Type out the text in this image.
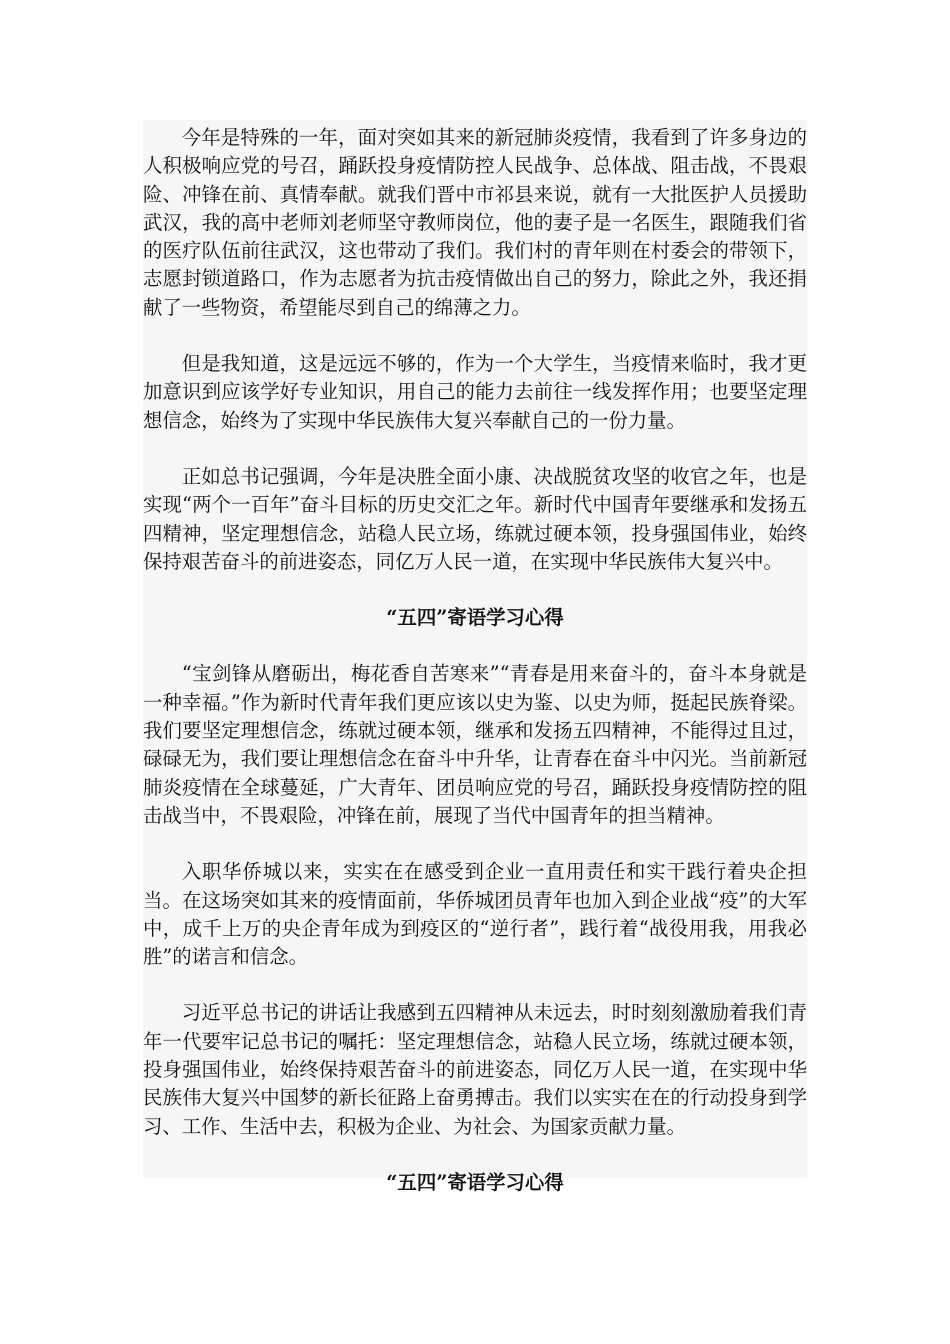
今年是特殊的一年，面对突如其来的新冠肺炎疫情，我看到了许多身边的人积极响应党的号召，踊跃投身疫情防控人民战争、总体战、阻击战，不畏艰险、冲锋在前、真情奉献。就我们晋中市祁县来说，就有一大批医护人员援助武汉，我的高中老师刘老师坚守教师岗位，他的妻子是一名医生，跟随我们省的医疗队伍前往武汉，这也带动了我们。我们村的青年则在村委会的带领下，志愿封锁道路口，作为志愿者为抗击疫情做出自己的努力，除此之外，我还捐献了一些物资，希望能尽到自己的绵薄之力。

但是我知道，这是远远不够的，作为一个大学生，当疫情来临时，我才更加意识到应该学好专业知识，用自己的能力去前往一线发挥作用；也要坚定理想信念，始终为了实现中华民族伟大复兴奉献自己的一份力量。

正如总书记强调，今年是决胜全面小康、决战脱贫攻坚的收官之年，也是实现“两个一百年”奋斗目标的历史交汇之年。新时代中国青年要继承和发扬五四精神，坚定理想信念，站稳人民立场，练就过硬本领，投身强国伟业，始终保持艰苦奋斗的前进姿态，同亿万人民一道，在实现中华民族伟大复兴中。

“五四”寄语学习心得

“宝剑锋从磨砺出，梅花香自苦寒来”“青春是用来奋斗的，奋斗本身就是一种幸福。”作为新时代青年我们更应该以史为鉴、以史为师，挺起民族脊梁。我们要坚定理想信念，练就过硬本领，继承和发扬五四精神，不能得过且过，碌碌无为，我们要让理想信念在奋斗中升华，让青春在奋斗中闪光。当前新冠肺炎疫情在全球蔓延，广大青年、团员响应党的号召，踊跃投身疫情防控的阻击战当中，不畏艰险，冲锋在前，展现了当代中国青年的担当精神。

入职华侨城以来，实实在在感受到企业一直用责任和实干践行着央企担当。在这场突如其来的疫情面前，华侨城团员青年也加入到企业战“疫”的大军中，成千上万的央企青年成为到疫区的“逆行者”，践行着“战役用我，用我必胜”的诺言和信念。

习近平总书记的讲话让我感到五四精神从未远去，时时刻刻激励着我们青年一代要牢记总书记的嘱托：坚定理想信念，站稳人民立场，练就过硬本领，投身强国伟业，始终保持艰苦奋斗的前进姿态，同亿万人民一道，在实现中华民族伟大复兴中国梦的新长征路上奋勇搏击。我们以实实在在的行动投身到学习、工作、生活中去，积极为企业、为社会、为国家贡献力量。

“五四”寄语学习心得
